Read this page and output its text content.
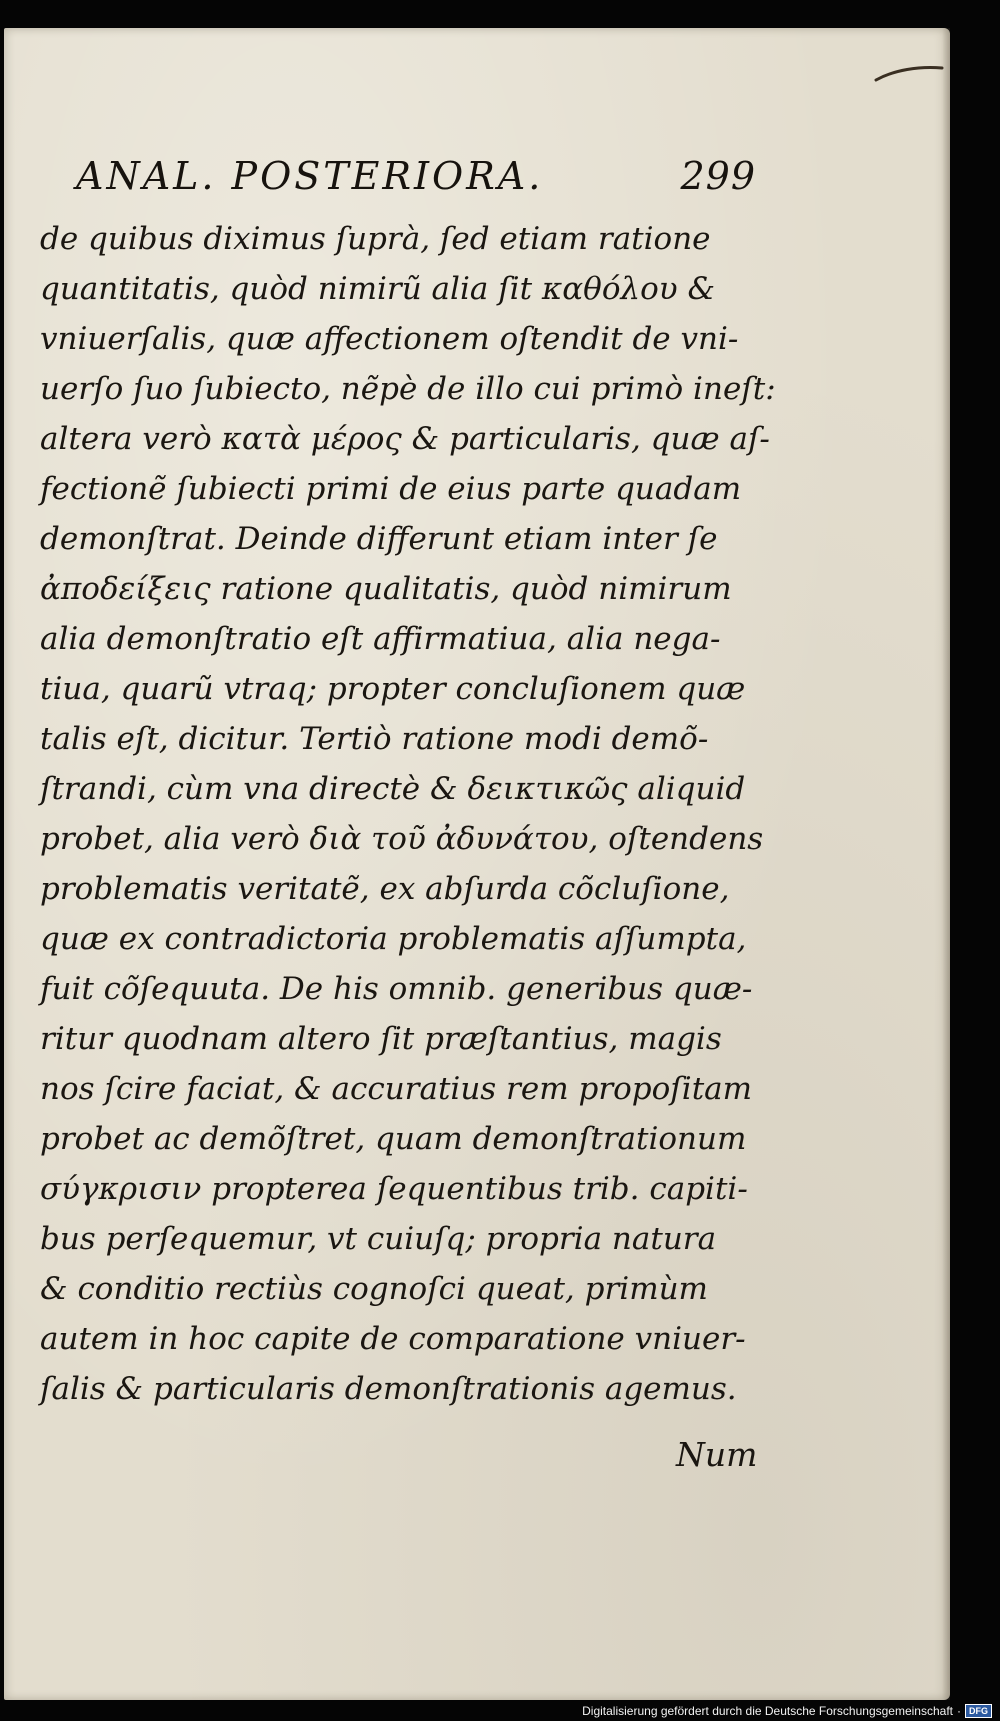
ANAL. POSTERIORA.	299
de quibus diximus ſuprà, ſed etiam ratione
quantitatis, quòd nimirũ alia ſit καθόλου &
vniuerſalis, quæ affectionem oſtendit de vni-
uerſo ſuo ſubiecto, nẽpè de illo cui primò ineſt:
altera verò κατὰ μέρος & particularis, quæ aſ-
fectionẽ ſubiecti primi de eius parte quadam
demonſtrat. Deinde differunt etiam inter ſe
ἀποδείξεις ratione qualitatis, quòd nimirum
alia demonſtratio eſt affirmatiua, alia nega-
tiua, quarũ vtraq; propter concluſionem quæ
talis eſt, dicitur. Tertiò ratione modi demõ-
ſtrandi, cùm vna directè & δεικτικῶς aliquid
probet, alia verò διὰ τοῦ ἀδυνάτου, oſtendens
problematis veritatẽ, ex abſurda cõcluſione,
quæ ex contradictoria problematis aſſumpta,
fuit cõſequuta. De his omnib. generibus quæ-
ritur quodnam altero ſit præſtantius, magis
nos ſcire faciat, & accuratius rem propoſitam
probet ac demõſtret, quam demonſtrationum
σύγκρισιν propterea ſequentibus trib. capiti-
bus perſequemur, vt cuiuſq; propria natura
& conditio rectiùs cognoſci queat, primùm
autem in hoc capite de comparatione vniuer-
ſalis & particularis demonſtrationis agemus.
Num
Digitalisierung gefördert durch die Deutsche Forschungsgemeinschaft · DFG
